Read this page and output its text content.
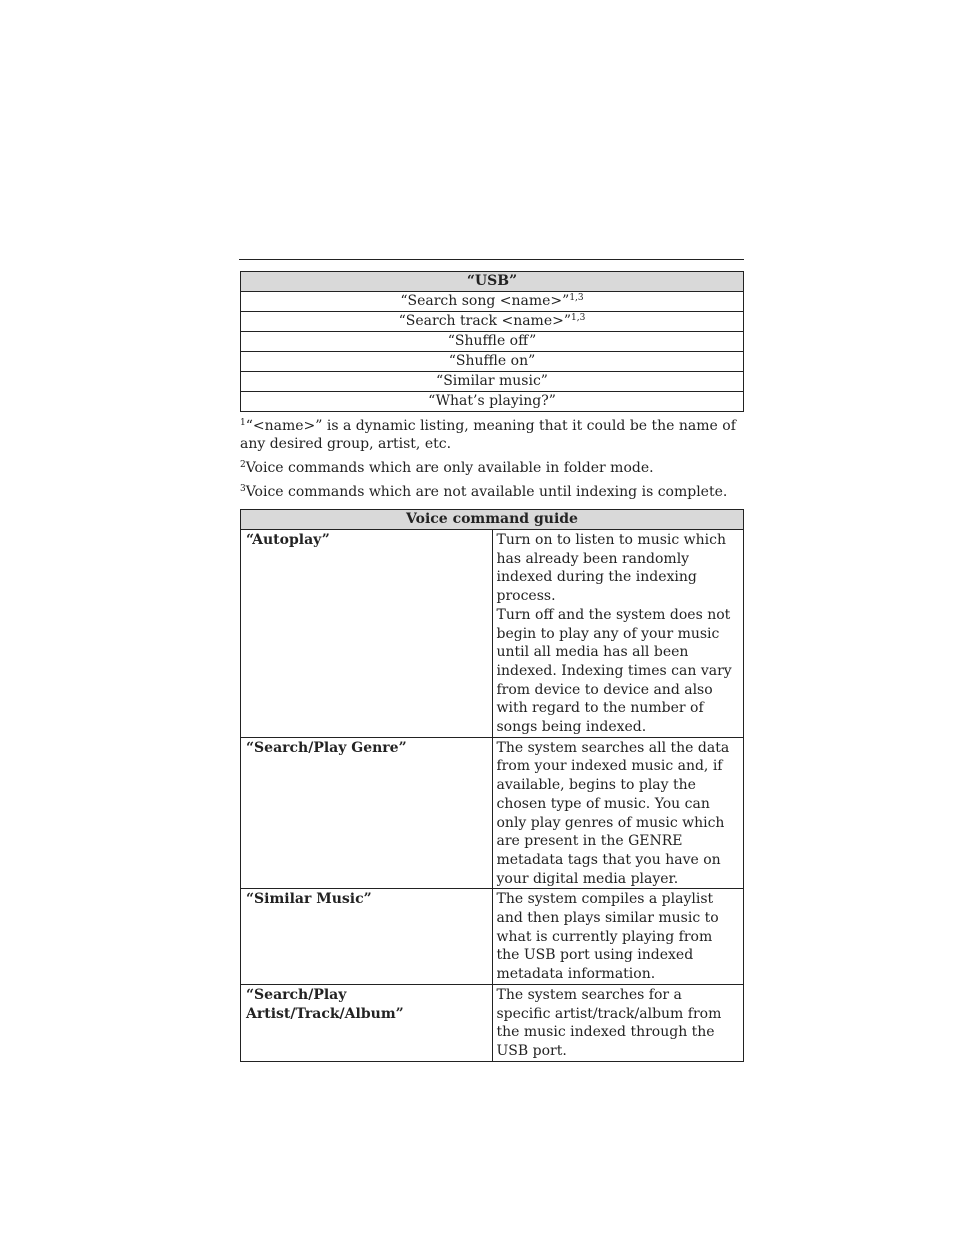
“USB”
“Search song <name>”$^{1,3}$
“Search track <name>”$^{1,3}$
“Shuffle off”
“Shuffle on”
“Similar music”
“What’s playing?”

$^1$“<name>” is a dynamic listing, meaning that it could be the name of any desired group, artist, etc.

$^2$Voice commands which are only available in folder mode.

$^3$Voice commands which are not available until indexing is complete.

Voice command guide	
“Autoplay”	Turn on to listen to music which has already been randomly indexed during the indexing process.
Turn off and the system does not begin to play any of your music until all media has all been indexed. Indexing times can vary from device to device and also with regard to the number of songs being indexed.

“Search/Play Genre”	The system searches all the data from your indexed music and, if available, begins to play the chosen type of music. You can only play genres of music which are present in the GENRE metadata tags that you have on your digital media player.

“Similar Music”	The system compiles a playlist and then plays similar music to what is currently playing from the USB port using indexed metadata information.

“Search/Play Artist/Track/Album”	The system searches for a specific artist/track/album from the music indexed through the USB port.
